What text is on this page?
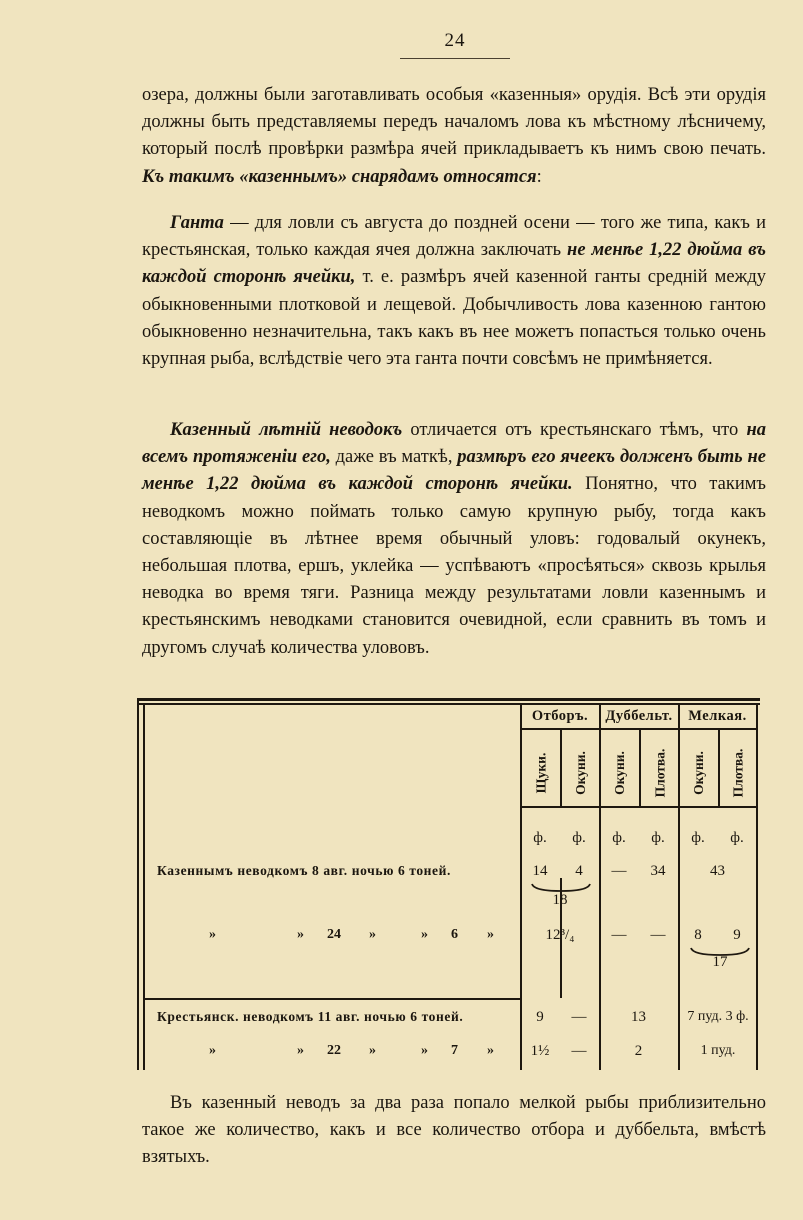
24

озера, должны были заготавливать особыя «казенныя» орудія. Всѣ эти орудія должны быть представляемы передъ началомъ лова къ мѣстному лѣсничему, который послѣ провѣрки размѣра ячей прикладываетъ къ нимъ свою печать. Къ такимъ «казеннымъ» снарядамъ относятся:

Ганта — для ловли съ августа до поздней осени — того же типа, какъ и крестьянская, только каждая ячея должна заключать не менѣе 1,22 дюйма въ каждой сторонѣ ячейки, т. е. размѣръ ячей казенной ганты средній между обыкновенными плотковой и лещевой. Добычливость лова казенною гантою обыкновенно незначительна, такъ какъ въ нее можетъ попасться только очень крупная рыба, вслѣдствіе чего эта ганта почти совсѣмъ не примѣняется.

Казенный лѣтній неводокъ отличается отъ крестьянскаго тѣмъ, что на всемъ протяженіи его, даже въ маткѣ, размѣръ его ячеекъ долженъ быть не менѣе 1,22 дюйма въ каждой сторонѣ ячейки. Понятно, что такимъ неводкомъ можно поймать только самую крупную рыбу, тогда какъ составляющіе въ лѣтнее время обычный уловъ: годовалый окунекъ, небольшая плотва, ершъ, уклейка — успѣваютъ «просѣяться» сквозь крылья неводка во время тяги. Разница между результатами ловли казеннымъ и крестьянскимъ неводками становится очевидной, если сравнить въ томъ и другомъ случаѣ количества улововъ.

Отборъ.	Дуббельт.	Мелкая.
Щуки. Окуни. Окуни. Плотва. Окуни. Плотва.
ф.	ф.	ф.	ф.	ф.	ф.
Казеннымъ неводкомъ 8 авг. ночью 6 тоней.	14	4	—	34	43
18
»	» 24 »	» 6 »	12³/₄	—	—	8	9
17
Крестьянск. неводкомъ 11 авг. ночью 6 тоней.	9	—	13	7 пуд. 3 ф.
»	» 22 »	» 7 »	1½	—	2	1 пуд.

Въ казенный неводъ за два раза попало мелкой рыбы приблизительно такое же количество, какъ и все количество отбора и дуббельта, вмѣстѣ взятыхъ.
